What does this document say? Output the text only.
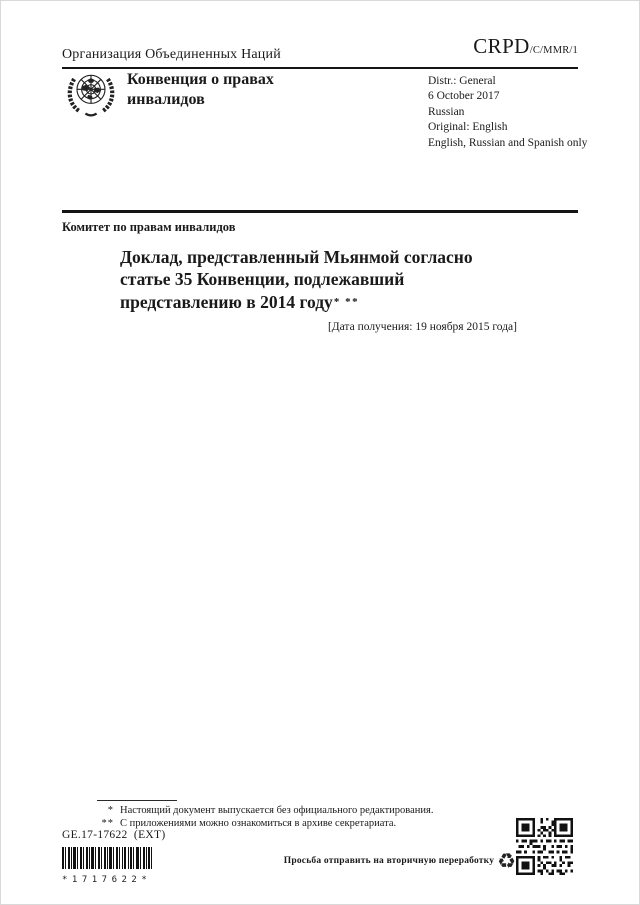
Организация Объединенных Наций	CRPD/C/MMR/1
Конвенция о правах
инвалидов
Distr.: General
6 October 2017
Russian
Original: English
English, Russian and Spanish only
Комитет по правам инвалидов
Доклад, представленный Мьянмой согласно
статье 35 Конвенции, подлежавший
представлению в 2014 году* **
[Дата получения: 19 ноября 2015 года]
* Настоящий документ выпускается без официального редактирования.
** С приложениями можно ознакомиться в архиве секретариата.
GE.17-17622  (EXT)
*1717622*
Просьба отправить на вторичную переработку ♻
